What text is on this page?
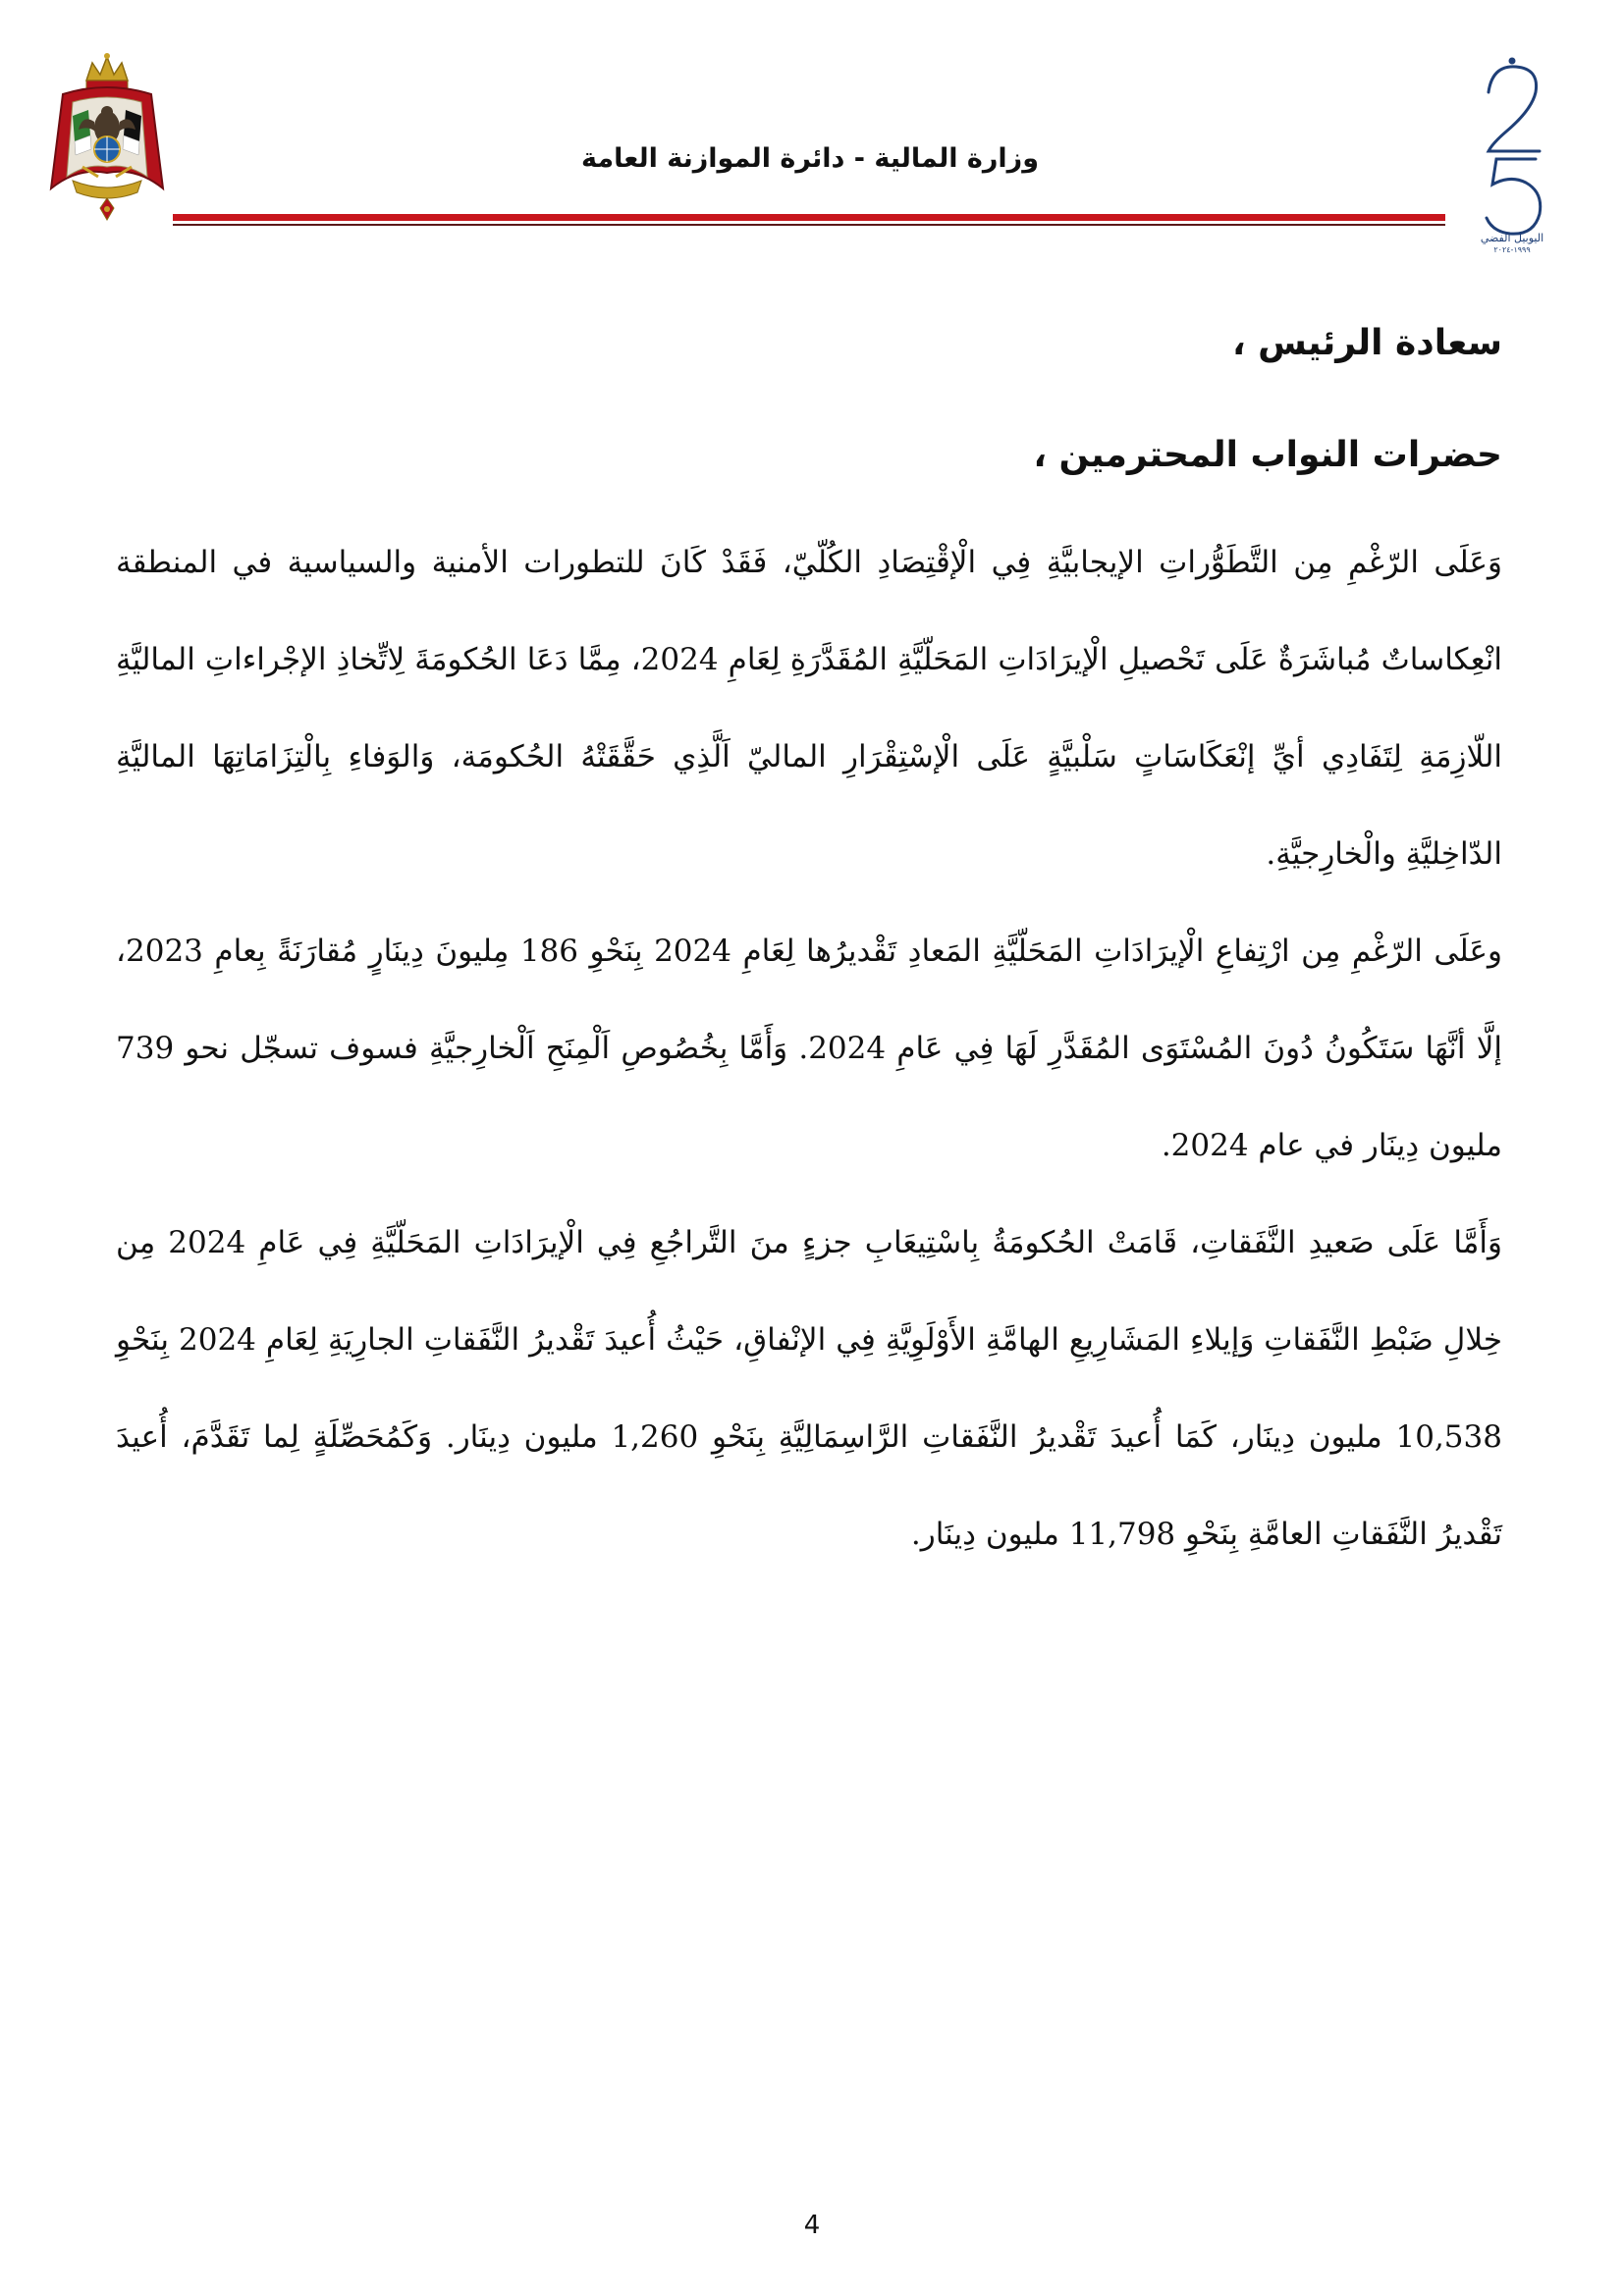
وزارة المالية - دائرة الموازنة العامة
اليوبيل الفضي
١٩٩٩-٢٠٢٤

سعادة الرئيس ،

حضرات النواب المحترمين ،

وَعَلَى الرّغْمِ مِن التَّطَوُّراتِ الإيجابيَّةِ فِي الْإقْتِصَادِ الكُلّيّ، فَقَدْ كَانَ للتطورات الأمنية والسياسية في المنطقة انْعِكاساتٌ مُباشَرَةٌ عَلَى تَحْصيلِ الْإيرَادَاتِ المَحَلّيَّةِ المُقَدَّرَةِ لِعَامِ 2024، مِمَّا دَعَا الحُكومَةَ لِاتِّخاذِ الإجْراءاتِ الماليَّةِ اللّازِمَةِ لِتَفَادِي أيِّ إنْعَكَاسَاتٍ سَلْبيَّةٍ عَلَى الْإسْتِقْرَارِ الماليّ اَلَّذِي حَقَّقَتْهُ الحُكومَة، وَالوَفاءِ بِالْتِزَامَاتِهَا الماليَّةِ الدّاخِليَّةِ والْخارِجيَّةِ.

وعَلَى الرّغْمِ مِن ارْتِفاعِ الْإيرَادَاتِ المَحَلّيَّةِ المَعادِ تَقْديرُها لِعَامِ 2024 بِنَحْوِ 186 مِليونَ دِينَارٍ مُقارَنَةً بِعامِ 2023، إلَّا أنَّهَا سَتَكُونُ دُونَ المُسْتَوَى المُقَدَّرِ لَهَا فِي عَامِ 2024. وَأَمَّا بِخُصُوصِ اَلْمِنَحِ اَلْخارِجيَّةِ فسوف تسجّل نحو 739 مليون دِينَار في عام 2024.

وَأَمَّا عَلَى صَعيدِ النَّفَقاتِ، قَامَتْ الحُكومَةُ بِاسْتِيعَابِ جزءٍ منَ التَّراجُعِ فِي الْإيرَادَاتِ المَحَلّيَّةِ فِي عَامِ 2024 مِن خِلالِ ضَبْطِ النَّفَقاتِ وَإيلاءِ المَشَارِيعِ الهامَّةِ الأَوْلَوِيَّةِ فِي الإنْفاقِ، حَيْثُ أُعيدَ تَقْديرُ النَّفَقاتِ الجارِيَةِ لِعَامِ 2024 بِنَحْوِ 10,538 مليون دِينَار، كَمَا أُعيدَ تَقْديرُ النَّفَقاتِ الرَّاسِمَالِيَّةِ بِنَحْوِ 1,260 مليون دِينَار. وَكَمُحَصِّلَةٍ لِما تَقَدَّمَ، أُعيدَ تَقْديرُ النَّفَقاتِ العامَّةِ بِنَحْوِ 11,798 مليون دِينَار.

4
